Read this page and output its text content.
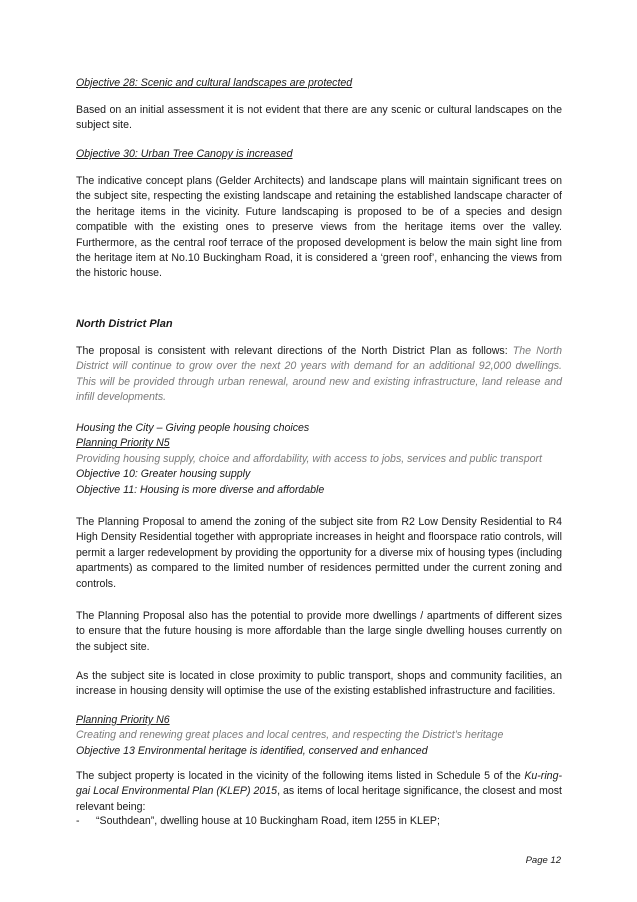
Objective 28: Scenic and cultural landscapes are protected

Based on an initial assessment it is not evident that there are any scenic or cultural landscapes on the subject site.

Objective 30: Urban Tree Canopy is increased

The indicative concept plans (Gelder Architects) and landscape plans will maintain significant trees on the subject site, respecting the existing landscape and retaining the established landscape character of the heritage items in the vicinity. Future landscaping is proposed to be of a species and design compatible with the existing ones to preserve views from the heritage items over the valley. Furthermore, as the central roof terrace of the proposed development is below the main sight line from the heritage item at No.10 Buckingham Road, it is considered a ‘green roof’, enhancing the views from the historic house.

North District Plan

The proposal is consistent with relevant directions of the North District Plan as follows: The North District will continue to grow over the next 20 years with demand for an additional 92,000 dwellings. This will be provided through urban renewal, around new and existing infrastructure, land release and infill developments.

Housing the City – Giving people housing choices
Planning Priority N5
Providing housing supply, choice and affordability, with access to jobs, services and public transport
Objective 10: Greater housing supply
Objective 11: Housing is more diverse and affordable

The Planning Proposal to amend the zoning of the subject site from R2 Low Density Residential to R4 High Density Residential together with appropriate increases in height and floorspace ratio controls, will permit a larger redevelopment by providing the opportunity for a diverse mix of housing types (including apartments) as compared to the limited number of residences permitted under the current zoning and controls.

The Planning Proposal also has the potential to provide more dwellings / apartments of different sizes to ensure that the future housing is more affordable than the large single dwelling houses currently on the subject site.

As the subject site is located in close proximity to public transport, shops and community facilities, an increase in housing density will optimise the use of the existing established infrastructure and facilities.

Planning Priority N6
Creating and renewing great places and local centres, and respecting the District’s heritage
Objective 13 Environmental heritage is identified, conserved and enhanced

The subject property is located in the vicinity of the following items listed in Schedule 5 of the Ku-ring-gai Local Environmental Plan (KLEP) 2015, as items of local heritage significance, the closest and most relevant being:

- “Southdean”, dwelling house at 10 Buckingham Road, item I255 in KLEP;
Page 12
